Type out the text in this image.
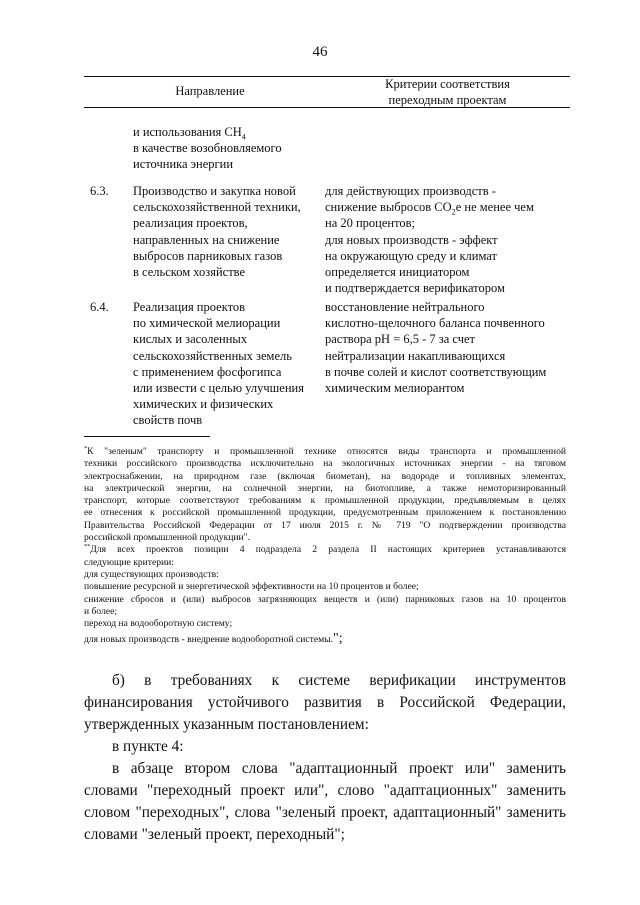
46
Направление	Критерии соответствия
переходным проектам
и использования $CH_4$
в качестве возобновляемого
источника энергии
6.3. Производство и закупка новой
сельскохозяйственной техники,
реализация проектов,
направленных на снижение
выбросов парниковых газов
в сельском хозяйстве
для действующих производств -
снижение выбросов $CO_2e$ не менее чем
на 20 процентов;
для новых производств - эффект
на окружающую среду и климат
определяется инициатором
и подтверждается верификатором
6.4. Реализация проектов
по химической мелиорации
кислых и засоленных
сельскохозяйственных земель
с применением фосфогипса
или извести с целью улучшения
химических и физических
свойств почв
восстановление нейтрального
кислотно-щелочного баланса почвенного
раствора pH = 6,5 - 7 за счет
нейтрализации накапливающихся
в почве солей и кислот соответствующим
химическим мелиорантом
*К "зеленым" транспорту и промышленной технике относятся виды транспорта и промышленной
техники российского производства исключительно на экологичных источниках энергии - на тяговом
электроснабжении, на природном газе (включая биометан), на водороде и топливных элементах,
на электрической энергии, на солнечной энергии, на биотопливе, а также немоторизированный
транспорт, которые соответствуют требованиям к промышленной продукции, предъявляемым в целях
ее отнесения к российской промышленной продукции, предусмотренным приложением к постановлению
Правительства Российской Федерации от 17 июля 2015 г. № 719 "О подтверждении производства
российской промышленной продукции".
**Для всех проектов позиции 4 подраздела 2 раздела II настоящих критериев устанавливаются
следующие критерии:
для существующих производств:
повышение ресурсной и энергетической эффективности на 10 процентов и более;
снижение сбросов и (или) выбросов загрязняющих веществ и (или) парниковых газов на 10 процентов
и более;
переход на водооборотную систему;
для новых производств - внедрение водооборотной системы.";
б) в требованиях к системе верификации инструментов
финансирования устойчивого развития в Российской Федерации,
утвержденных указанным постановлением:
в пункте 4:
в абзаце втором слова "адаптационный проект или" заменить
словами "переходный проект или", слово "адаптационных" заменить
словом "переходных", слова "зеленый проект, адаптационный" заменить
словами "зеленый проект, переходный";
